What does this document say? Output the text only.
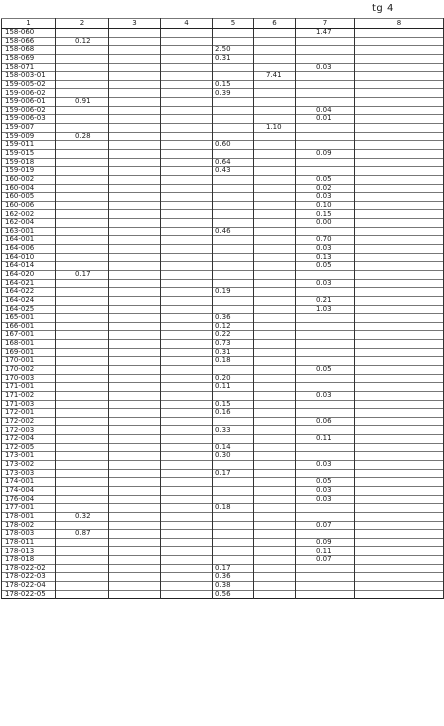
tg 4
1	2	3	4	5	6	7	8
158-060						1.47	
158-066	0.12						
158-068				2.50			
158-069				0.31			
158-071						0.03	
158-003-01					7.41		
159-005-02				0.15			
159-006-02				0.39			
159-006-01	0.91						
159-006-02						0.04	
159-006-03						0.01	
159-007					1.10		
159-009	0.28						
159-011				0.60			
159-015						0.09	
159-018				0.64			
159-019				0.43			
160-002						0.05	
160-004						0.02	
160-005						0.03	
160-006						0.10	
162-002						0.15	
162-004						0.00	
163-001				0.46			
164-001						0.70	
164-006						0.03	
164-010						0.13	
164-014						0.05	
164-020	0.17						
164-021						0.03	
164-022				0.19			
164-024						0.21	
164-025						1.03	
165-001				0.36			
166-001				0.12			
167-001				0.22			
168-001				0.73			
169-001				0.31			
170-001				0.18			
170-002						0.05	
170-003				0.20			
171-001				0.11			
171-002						0.03	
171-003				0.15			
172-001				0.16			
172-002						0.06	
172-003				0.33			
172-004						0.11	
172-005				0.14			
173-001				0.30			
173-002						0.03	
173-003				0.17			
174-001						0.05	
174-004						0.03	
176-004						0.03	
177-001				0.18			
178-001	0.32						
178-002						0.07	
178-003	0.87						
178-011						0.09	
178-013						0.11	
178-018						0.07	
178-022-02				0.17			
178-022-03				0.36			
178-022-04				0.38			
178-022-05				0.56			
